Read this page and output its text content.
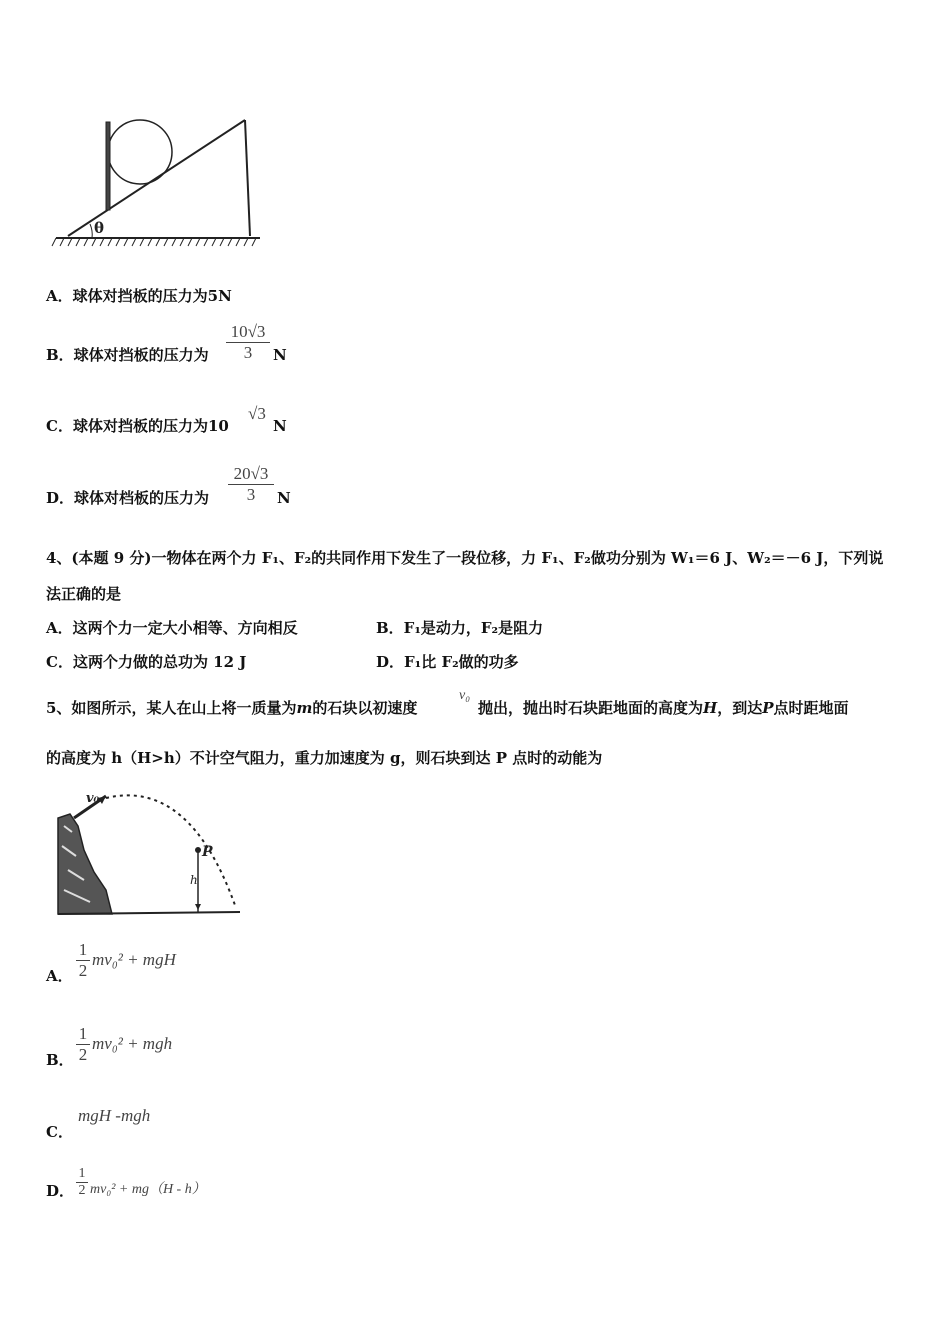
θ
A．球体对挡板的压力为5N
B．球体对挡板的压力为
10√3
3	N
C．球体对挡板的压力为10
√3
N
D．球体对档板的压力为
20√3
3	N
4、(本题 9 分)一物体在两个力 F₁、F₂的共同作用下发生了一段位移，力 F₁、F₂做功分别为 W₁＝6 J、W₂＝－6 J，下列说
法正确的是
A．这两个力一定大小相等、方向相反	B．F₁是动力，F₂是阻力
C．这两个力做的总功为 12 J	D．F₁比 F₂做的功多
5、如图所示，某人在山上将一质量为m的石块以初速度
v₀
抛出，抛出时石块距地面的高度为H，到达P点时距地面
的高度为 h（H>h）不计空气阻力，重力加速度为 g，则石块到达 P 点时的动能为
v₀
P
h
A．
1
2
mv₀² + mgH
B．
1
2
mv₀² + mgh
C．
mgH -mgh
D．
1
2 mv₀² + mg（H - h）
